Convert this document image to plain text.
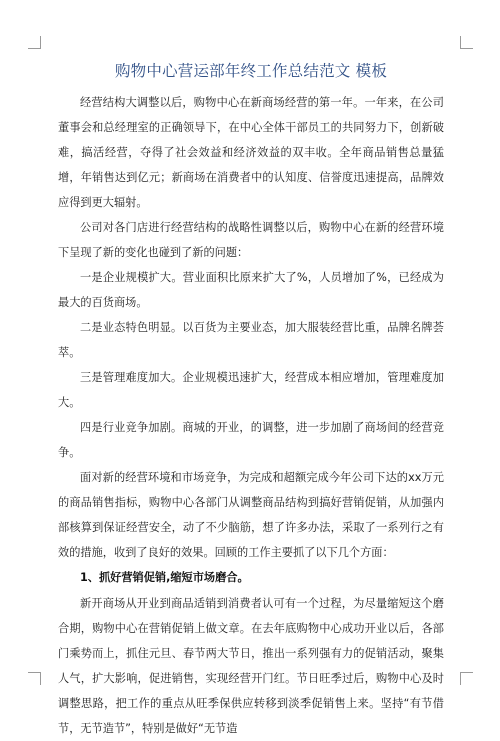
购物中心营运部年终工作总结范文 模板

经营结构大调整以后，购物中心在新商场经营的第一年。一年来，在公司董事会和总经理室的正确领导下，在中心全体干部员工的共同努力下，创新破难，搞活经营，夺得了社会效益和经济效益的双丰收。全年商品销售总量猛增，年销售达到亿元；新商场在消费者中的认知度、信誉度迅速提高，品牌效应得到更大辐射。

公司对各门店进行经营结构的战略性调整以后，购物中心在新的经营环境下呈现了新的变化也碰到了新的问题：

一是企业规模扩大。营业面积比原来扩大了%，人员增加了%，已经成为最大的百货商场。

二是业态特色明显。以百货为主要业态，加大服装经营比重，品牌名牌荟萃。

三是管理难度加大。企业规模迅速扩大，经营成本相应增加，管理难度加大。

四是行业竞争加剧。商城的开业，的调整，进一步加剧了商场间的经营竞争。

面对新的经营环境和市场竞争，为完成和超额完成今年公司下达的xx万元的商品销售指标，购物中心各部门从调整商品结构到搞好营销促销，从加强内部核算到保证经营安全，动了不少脑筋，想了许多办法，采取了一系列行之有效的措施，收到了良好的效果。回顾的工作主要抓了以下几个方面：

1、抓好营销促销,缩短市场磨合。

新开商场从开业到商品适销到消费者认可有一个过程，为尽量缩短这个磨合期，购物中心在营销促销上做文章。在去年底购物中心成功开业以后，各部门乘势而上，抓住元旦、春节两大节日，推出一系列强有力的促销活动，聚集人气，扩大影响，促进销售，实现经营开门红。节日旺季过后，购物中心及时调整思路，把工作的重点从旺季保供应转移到淡季促销售上来。坚持“有节借节，无节造节”，特别是做好“无节造
